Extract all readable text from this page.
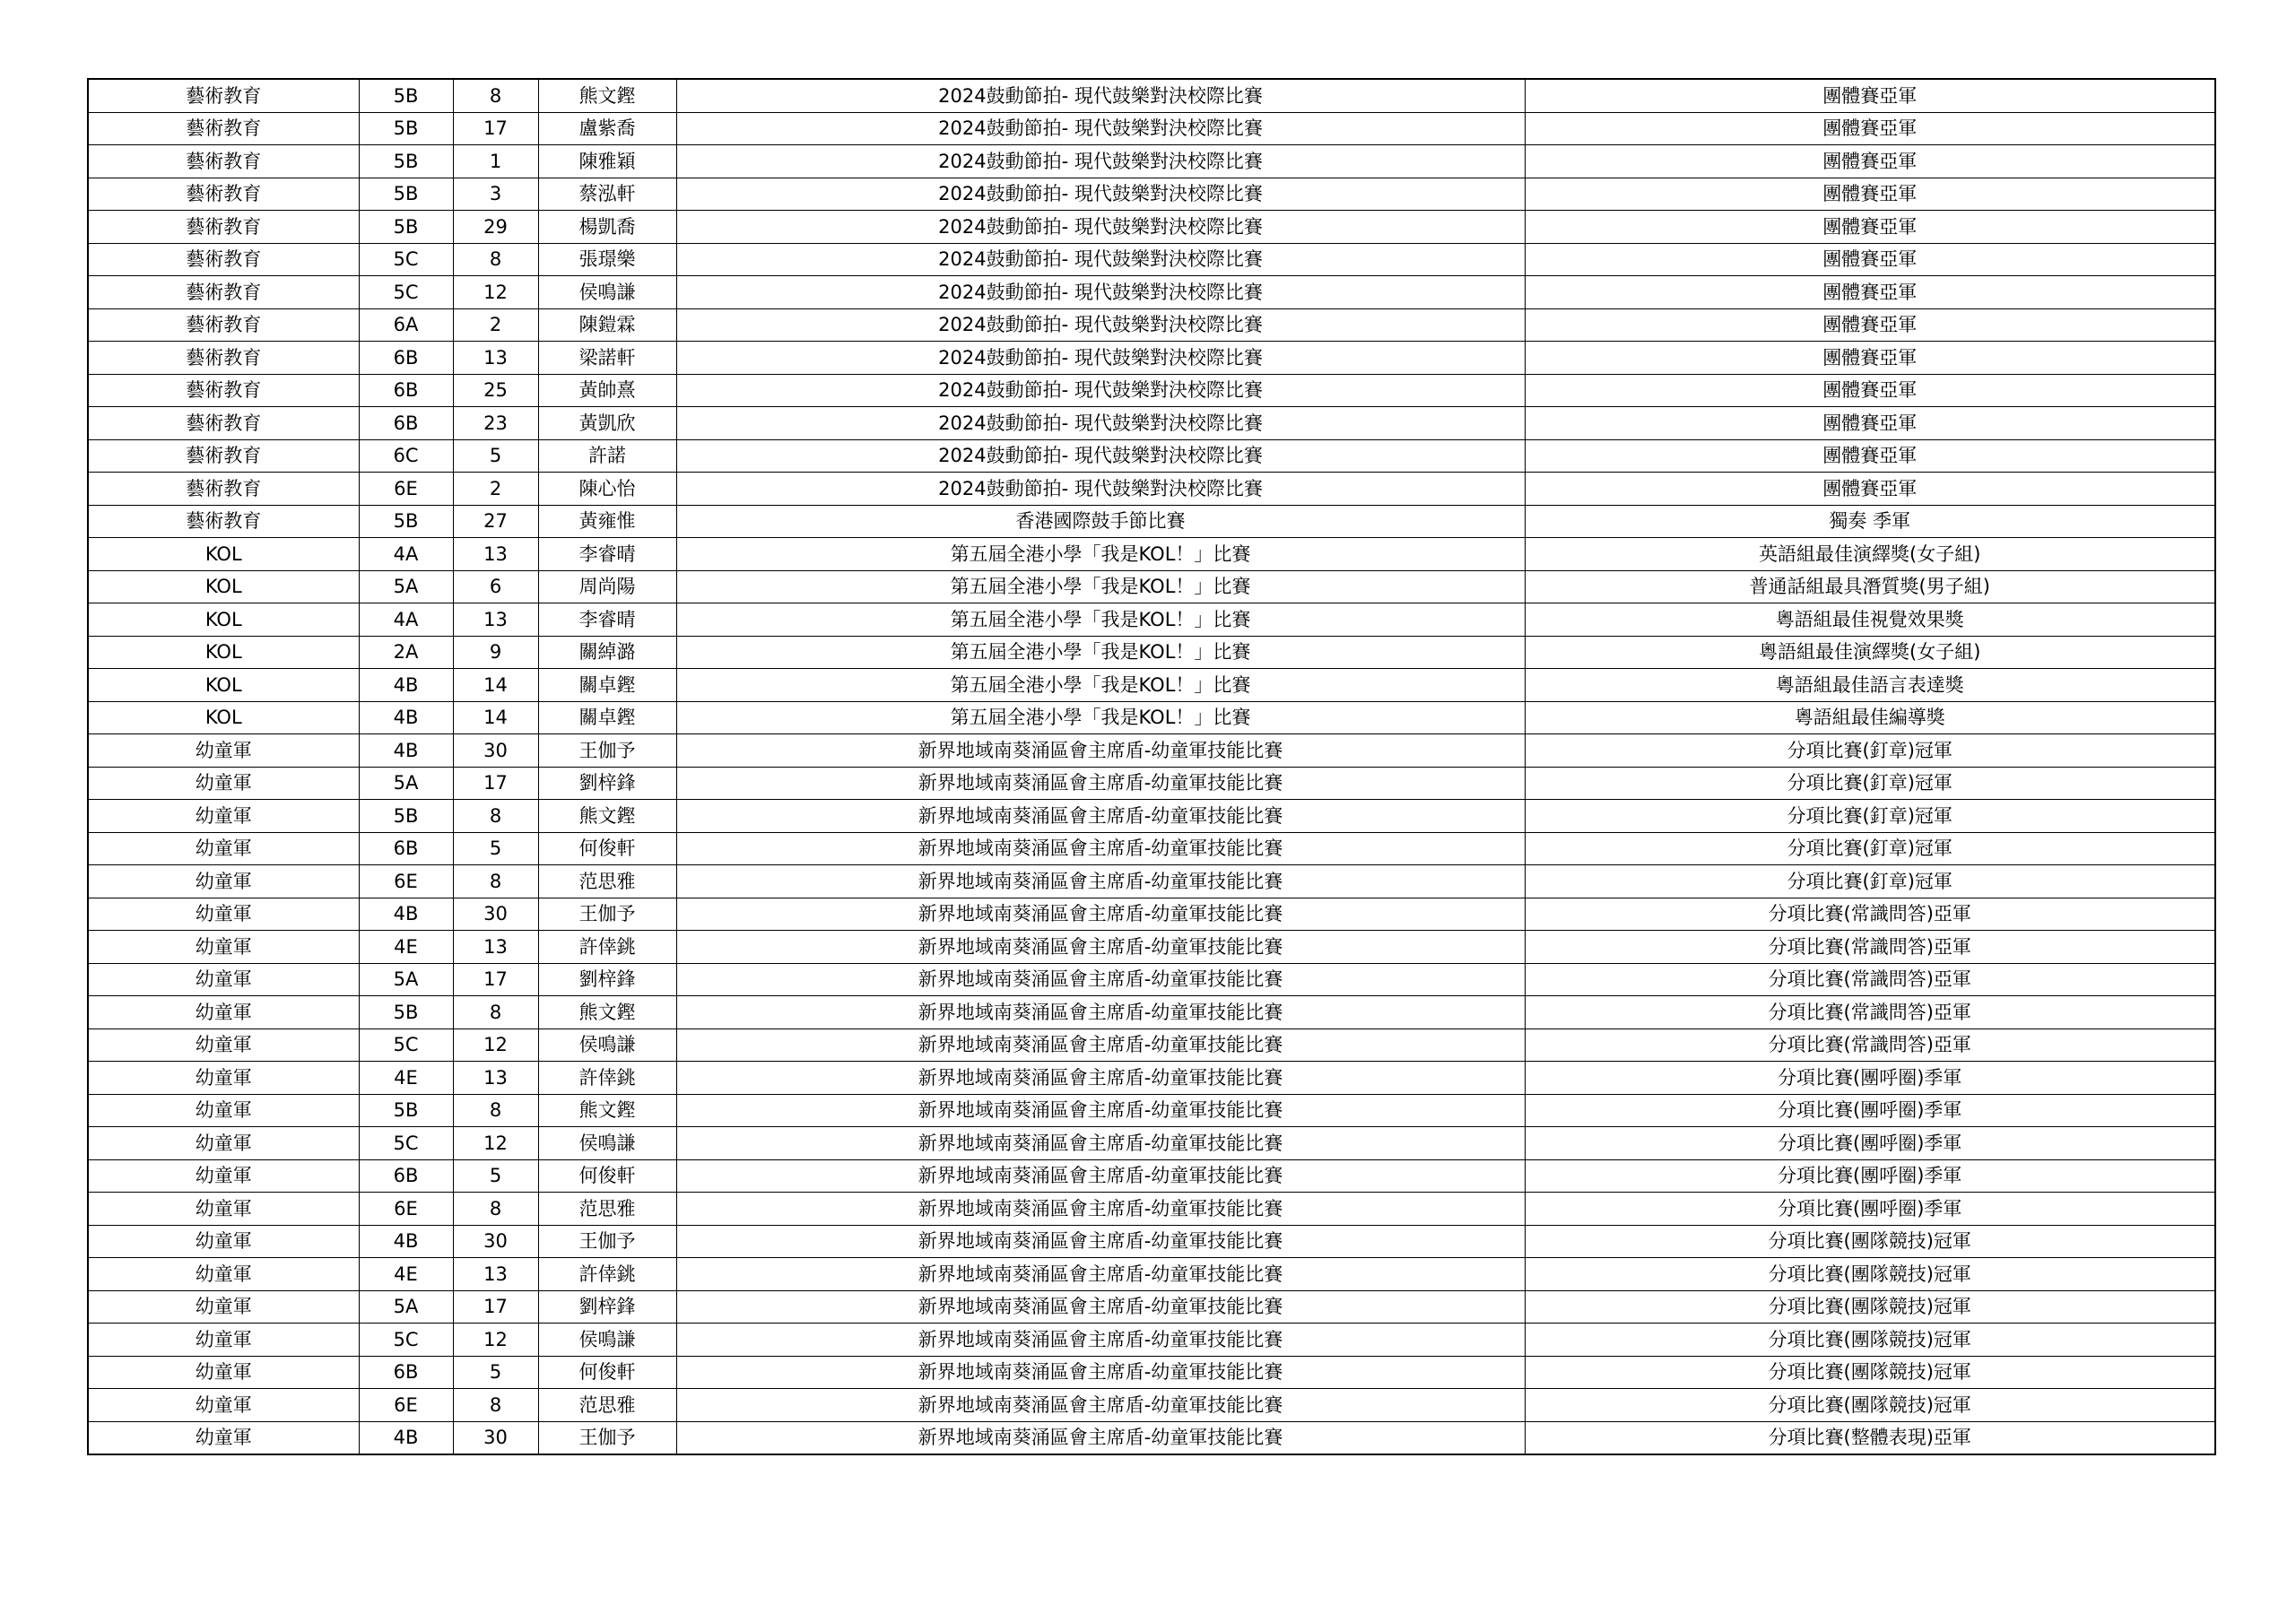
藝術教育	5B	8	熊文鏗	2024鼓動節拍- 現代鼓樂對決校際比賽	團體賽亞軍
藝術教育	5B	17	盧紫喬	2024鼓動節拍- 現代鼓樂對決校際比賽	團體賽亞軍
藝術教育	5B	1	陳雅穎	2024鼓動節拍- 現代鼓樂對決校際比賽	團體賽亞軍
藝術教育	5B	3	蔡泓軒	2024鼓動節拍- 現代鼓樂對決校際比賽	團體賽亞軍
藝術教育	5B	29	楊凱喬	2024鼓動節拍- 現代鼓樂對決校際比賽	團體賽亞軍
藝術教育	5C	8	張璟樂	2024鼓動節拍- 現代鼓樂對決校際比賽	團體賽亞軍
藝術教育	5C	12	侯鳴謙	2024鼓動節拍- 現代鼓樂對決校際比賽	團體賽亞軍
藝術教育	6A	2	陳鎧霖	2024鼓動節拍- 現代鼓樂對決校際比賽	團體賽亞軍
藝術教育	6B	13	梁諾軒	2024鼓動節拍- 現代鼓樂對決校際比賽	團體賽亞軍
藝術教育	6B	25	黃帥熹	2024鼓動節拍- 現代鼓樂對決校際比賽	團體賽亞軍
藝術教育	6B	23	黃凱欣	2024鼓動節拍- 現代鼓樂對決校際比賽	團體賽亞軍
藝術教育	6C	5	許諾	2024鼓動節拍- 現代鼓樂對決校際比賽	團體賽亞軍
藝術教育	6E	2	陳心怡	2024鼓動節拍- 現代鼓樂對決校際比賽	團體賽亞軍
藝術教育	5B	27	黃雍惟	香港國際鼓手節比賽	獨奏 季軍
KOL	4A	13	李睿晴	第五屆全港小學「我是KOL！」比賽	英語組最佳演繹獎(女子組)
KOL	5A	6	周尚陽	第五屆全港小學「我是KOL！」比賽	普通話組最具潛質獎(男子組)
KOL	4A	13	李睿晴	第五屆全港小學「我是KOL！」比賽	粵語組最佳視覺效果獎
KOL	2A	9	關綽潞	第五屆全港小學「我是KOL！」比賽	粵語組最佳演繹獎(女子組)
KOL	4B	14	關卓鏗	第五屆全港小學「我是KOL！」比賽	粵語組最佳語言表達獎
KOL	4B	14	關卓鏗	第五屆全港小學「我是KOL！」比賽	粵語組最佳編導獎
幼童軍	4B	30	王伽予	新界地域南葵涌區會主席盾-幼童軍技能比賽	分項比賽(釘章)冠軍
幼童軍	5A	17	劉梓鋒	新界地域南葵涌區會主席盾-幼童軍技能比賽	分項比賽(釘章)冠軍
幼童軍	5B	8	熊文鏗	新界地域南葵涌區會主席盾-幼童軍技能比賽	分項比賽(釘章)冠軍
幼童軍	6B	5	何俊軒	新界地域南葵涌區會主席盾-幼童軍技能比賽	分項比賽(釘章)冠軍
幼童軍	6E	8	范思雅	新界地域南葵涌區會主席盾-幼童軍技能比賽	分項比賽(釘章)冠軍
幼童軍	4B	30	王伽予	新界地域南葵涌區會主席盾-幼童軍技能比賽	分項比賽(常識問答)亞軍
幼童軍	4E	13	許倖銚	新界地域南葵涌區會主席盾-幼童軍技能比賽	分項比賽(常識問答)亞軍
幼童軍	5A	17	劉梓鋒	新界地域南葵涌區會主席盾-幼童軍技能比賽	分項比賽(常識問答)亞軍
幼童軍	5B	8	熊文鏗	新界地域南葵涌區會主席盾-幼童軍技能比賽	分項比賽(常識問答)亞軍
幼童軍	5C	12	侯鳴謙	新界地域南葵涌區會主席盾-幼童軍技能比賽	分項比賽(常識問答)亞軍
幼童軍	4E	13	許倖銚	新界地域南葵涌區會主席盾-幼童軍技能比賽	分項比賽(團呼圈)季軍
幼童軍	5B	8	熊文鏗	新界地域南葵涌區會主席盾-幼童軍技能比賽	分項比賽(團呼圈)季軍
幼童軍	5C	12	侯鳴謙	新界地域南葵涌區會主席盾-幼童軍技能比賽	分項比賽(團呼圈)季軍
幼童軍	6B	5	何俊軒	新界地域南葵涌區會主席盾-幼童軍技能比賽	分項比賽(團呼圈)季軍
幼童軍	6E	8	范思雅	新界地域南葵涌區會主席盾-幼童軍技能比賽	分項比賽(團呼圈)季軍
幼童軍	4B	30	王伽予	新界地域南葵涌區會主席盾-幼童軍技能比賽	分項比賽(團隊競技)冠軍
幼童軍	4E	13	許倖銚	新界地域南葵涌區會主席盾-幼童軍技能比賽	分項比賽(團隊競技)冠軍
幼童軍	5A	17	劉梓鋒	新界地域南葵涌區會主席盾-幼童軍技能比賽	分項比賽(團隊競技)冠軍
幼童軍	5C	12	侯鳴謙	新界地域南葵涌區會主席盾-幼童軍技能比賽	分項比賽(團隊競技)冠軍
幼童軍	6B	5	何俊軒	新界地域南葵涌區會主席盾-幼童軍技能比賽	分項比賽(團隊競技)冠軍
幼童軍	6E	8	范思雅	新界地域南葵涌區會主席盾-幼童軍技能比賽	分項比賽(團隊競技)冠軍
幼童軍	4B	30	王伽予	新界地域南葵涌區會主席盾-幼童軍技能比賽	分項比賽(整體表現)亞軍
